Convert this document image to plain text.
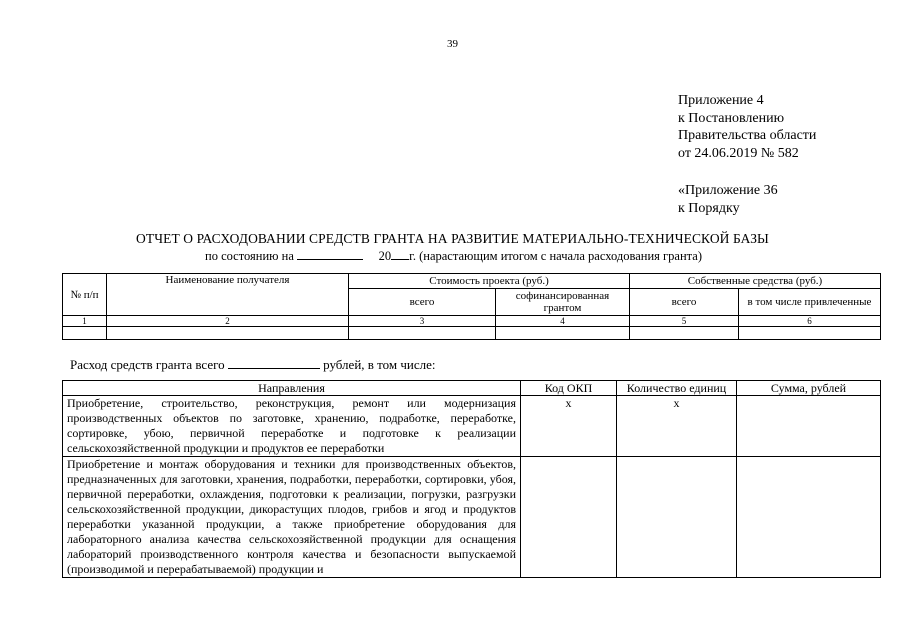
39
Приложение 4
к Постановлению
Правительства области
от 24.06.2019 № 582
«Приложение 36
к Порядку
ОТЧЕТ О РАСХОДОВАНИИ СРЕДСТВ ГРАНТА НА РАЗВИТИЕ МАТЕРИАЛЬНО-ТЕХНИЧЕСКОЙ БАЗЫ
по состоянию на	20 г. (нарастающим итогом с начала расходования гранта)
№ п/п	Наименование получателя	Стоимость проекта (руб.)		Собственные средства (руб.)	
		всего	софинансированная грантом	всего	в том числе привлеченные
1	2	3	4	5	6

Расход средств гранта всего	рублей, в том числе:
Направления	Код ОКП	Количество единиц	Сумма, рублей
Приобретение, строительство, реконструкция, ремонт или модернизация производственных объектов по заготовке, хранению, подработке, переработке, сортировке, убою, первичной переработке и подготовке к реализации сельскохозяйственной продукции и продуктов ее переработки	x	x	
Приобретение и монтаж оборудования и техники для производственных объектов, предназначенных для заготовки, хранения, подработки, переработки, сортировки, убоя, первичной переработки, охлаждения, подготовки к реализации, погрузки, разгрузки сельскохозяйственной продукции, дикорастущих плодов, грибов и ягод и продуктов переработки указанной продукции, а также приобретение оборудования для лабораторного анализа качества сельскохозяйственной продукции для оснащения лабораторий производственного контроля качества и безопасности выпускаемой (производимой и перерабатываемой) продукции и			
